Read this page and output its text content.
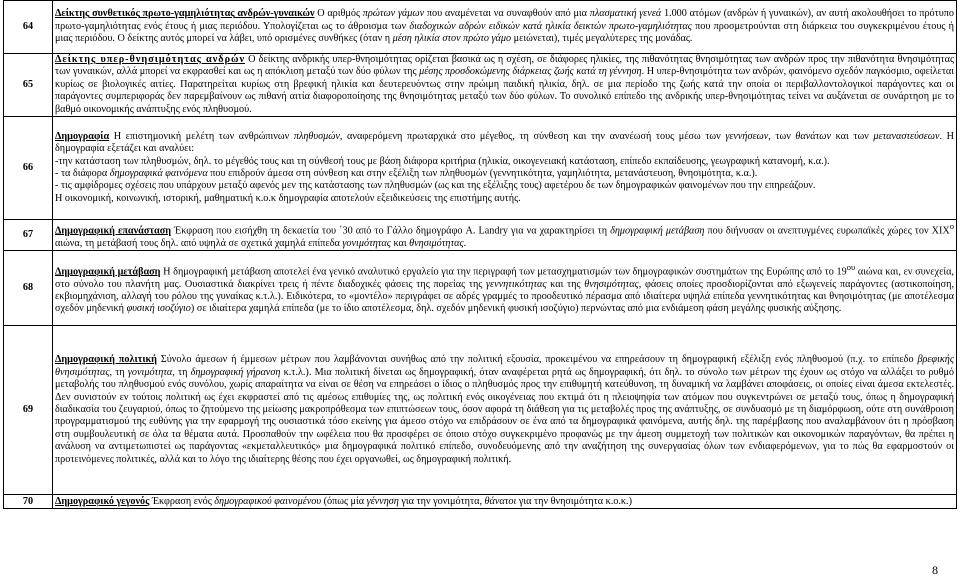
64	Δείκτης συνθετικός πρωτο-γαμηλιότητας ανδρών-γυναικών Ο αριθμός πρώτων γάμων που αναμένεται να συναφθούν από μια πλασματική γενεά 1.000 ατόμων (ανδρών ή γυναικών), αν αυτή ακολουθήσει το πρότυπο πρωτο-γαμηλιότητας ενός έτους ή μιας περιόδου. Υπολογίζεται ως το άθροισμα των διαδοχικών αδρών ειδικών κατά ηλικία δεικτών πρωτο-γαμηλιότητας που προσμετρούνται στη διάρκεια του συγκεκριμένου έτους ή μιας περιόδου. Ο δείκτης αυτός μπορεί να λάβει, υπό ορισμένες συνθήκες (όταν η μέση ηλικία στον πρώτο γάμο μειώνεται), τιμές μεγαλύτερες της μονάδας.
65	Δείκτης υπερ-θνησιμότητας ανδρών Ο δείκτης ανδρικής υπερ-θνησιμότητας ορίζεται βασικά ως η σχέση, σε διάφορες ηλικίες, της πιθανότητας θνησιμότητας των ανδρών προς την πιθανότητα θνησιμότητας των γυναικών, αλλά μπορεί να εκφρασθεί και ως η απόκλιση μεταξύ των δύο φύλων της μέσης προσδοκώμενης διάρκειας ζωής κατά τη γέννηση. Η υπερ-θνησιμότητα των ανδρών, φαινόμενο σχεδόν παγκόσμιο, οφείλεται κυρίως σε βιολογικές αιτίες. Παρατηρείται κυρίως στη βρεφική ηλικία και δευτερευόντως στην πρώιμη παιδική ηλικία, δηλ. σε μια περίοδο της ζωής κατά την οποία οι περιβαλλοντολογικοί παράγοντες και οι παράγοντες συμπεριφοράς δεν παρεμβαίνουν ως πιθανή αιτία διαφοροποίησης της θνησιμότητας μεταξύ των δύο φύλων. Το συνολικό επίπεδο της ανδρικής υπερ-θνησιμότητας τείνει να αυξάνεται σε συνάρτηση με το βαθμό οικονομικής ανάπτυξης ενός πληθυσμού.
66	Δημογραφία Η επιστημονική μελέτη των ανθρώπινων πληθυσμών, αναφερόμενη πρωταρχικά στο μέγεθος, τη σύνθεση και την ανανέωσή τους μέσω των γεννήσεων, των θανάτων και των μεταναστεύσεων. Η δημογραφία εξετάζει και αναλύει:

-την κατάσταση των πληθυσμών, δηλ. το μέγεθός τους και τη σύνθεσή τους με βάση διάφορα κριτήρια (ηλικία, οικογενειακή κατάσταση, επίπεδο εκπαίδευσης, γεωγραφική κατανομή, κ.α.).

- τα διάφορα δημογραφικά φαινόμενα που επιδρούν άμεσα στη σύνθεση και στην εξέλιξη των πληθυσμών (γεννητικότητα, γαμηλιότητα, μετανάστευση, θνησιμότητα, κ.α.).

- τις αμφίδρομες σχέσεις που υπάρχουν μεταξύ αφενός μεν της κατάστασης των πληθυσμών (ως και της εξέλιξης τους) αφετέρου δε των δημογραφικών φαινομένων που την επηρεάζουν.

Η οικονομική, κοινωνική, ιστορική, μαθηματική κ.ο.κ δημογραφία αποτελούν εξειδικεύσεις της επιστήμης αυτής.

67	Δημογραφική επανάσταση Έκφραση που εισήχθη τη δεκαετία του ΄30 από το Γάλλο δημογράφο A. Landry για να χαρακτηρίσει τη δημογραφική μετάβαση που διήνυσαν οι ανεπτυγμένες ευρωπαϊκές χώρες τον $XIX^o$ αιώνα, τη μετάβασή τους δηλ. από υψηλά σε σχετικά χαμηλά επίπεδα γονιμότητας και θνησιμότητας.
68	Δημογραφική μετάβαση Η δημογραφική μετάβαση αποτελεί ένα γενικό αναλυτικό εργαλείο για την περιγραφή των μετασχηματισμών των δημογραφικών συστημάτων της Ευρώπης από το $19^{o\upsilon}$ αιώνα και, εν συνεχεία, στο σύνολο του πλανήτη μας. Ουσιαστικά διακρίνει τρεις ή πέντε διαδοχικές φάσεις της πορείας της γεννητικότητας και της θνησιμότητας, φάσεις οποίες προσδιορίζονται από εξωγενείς παράγοντες (αστικοποίηση, εκβιομηχάνιση, αλλαγή του ρόλου της γυναίκας κ.τ.λ.). Ειδικότερα, το «μοντέλο» περιγράφει σε αδρές γραμμές το προοδευτικό πέρασμα από ιδιαίτερα υψηλά επίπεδα γεννητικότητας και θνησιμότητας (με αποτέλεσμα σχεδόν μηδενική φυσική ισοζύγιο) σε ιδιαίτερα χαμηλά επίπεδα (με το ίδιο αποτέλεσμα, δηλ. σχεδόν μηδενική φυσική ισοζύγιο) περνώντας από μια ενδιάμεση φάση μεγάλης φυσικής αύξησης.
69	Δημογραφική πολιτική Σύνολο άμεσων ή έμμεσων μέτρων που λαμβάνονται συνήθως από την πολιτική εξουσία, προκειμένου να επηρεάσουν τη δημογραφική εξέλιξη ενός πληθυσμού (π.χ. το επίπεδο βρεφικής θνησιμότητας, τη γονιμότητα, τη δημογραφική γήρανση κ.τ.λ.). Μια πολιτική δίνεται ως δημογραφική, όταν αναφέρεται ρητά ως δημογραφική, ότι δηλ. το σύνολο των μέτρων της έχουν ως στόχο να αλλάξει το ρυθμό μεταβολής του πληθυσμού ενός συνόλου, χωρίς απαραίτητα να είναι σε θέση να επηρεάσει ο ίδιος ο πληθυσμός προς την επιθυμητή κατεύθυνση, τη δυναμική να λαμβάνει αποφάσεις, οι οποίες είναι άμεσα εκτελεστές. Δεν συνιστούν εν τούτοις πολιτική ως έχει εκφραστεί από τις αμέσως επιθυμίες της, ως πολιτική ενός οικογένειας που εκτιμά ότι η πλειοψηφία των ατόμων που συγκεντρώνει σε μεταξύ τους, όπως η δημογραφική διαδικασία του ζευγαριού, όπως το ζητούμενο της μείωσης μακροπρόθεσμα των επιπτώσεων τους, όσον αφορά τη διάθεση για τις μεταβολές προς της ανάπτυξης, σε συνδυασμό με τη διαμόρφωση, ούτε στη συνάθροιση προγραμματισμού της ευθύνης για την εφαρμογή της ουσιαστικά τόσο εκείνης για άμεσο στόχο να επιδράσουν σε ένα από τα δημογραφικά φαινόμενα, αυτής δηλ. της παρέμβασης που αναλαμβάνουν ότι η πρόσβαση στη συμβουλευτική σε όλα τα θέματα αυτά. Προσπαθούν την ωφέλεια που θα προσφέρει σε όποιο στόχο συγκεκριμένο προφανώς με την άμεση συμμετοχή των πολιτικών και οικονομικών παραγόντων, θα πρέπει η ανάλυση να αντιμετωπιστεί ως παράγοντας «εκμεταλλευτικός» μια δημογραφικά πολιτικό επίπεδο, συνοδευόμενης από την αναζήτηση της συνεργασίας όλων των ενδιαφερόμενων, για το πώς θα εφαρμοστούν οι προτεινόμενες πολιτικές, αλλά και το λόγο της ιδιαίτερης θέσης που έχει οργανωθεί, ως δημογραφική πολιτική.
70	Δημογραφικό γεγονός Έκφραση ενός δημογραφικού φαινομένου (όπως μία γέννηση για την γονιμότητα, θάνατοι για την θνησιμότητα κ.ο.κ.)
8
